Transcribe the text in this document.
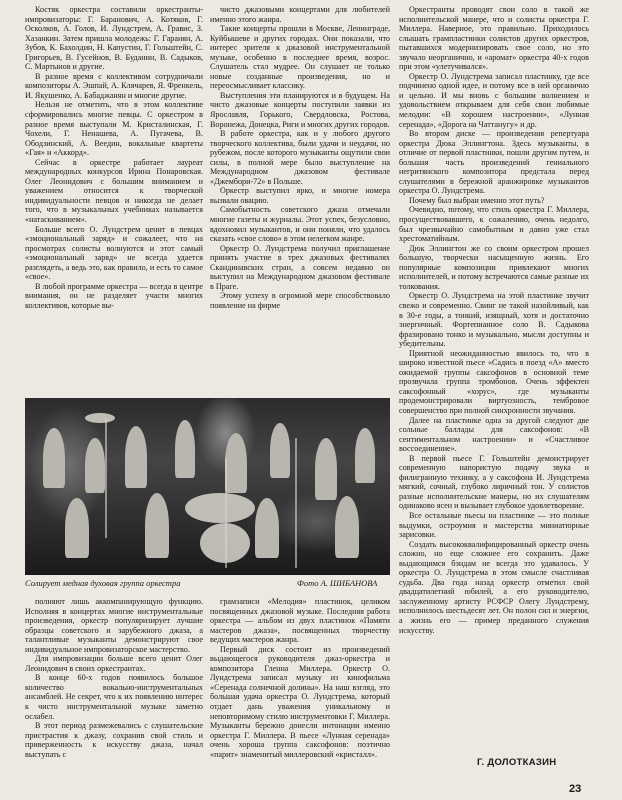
Костяк оркестра составили оркестранты-импровизаторы: Г. Баранович, А. Котяков, Г. Осколков, А. Голов, И. Лундстрем, А. Гравис, З. Хазанкин. Затем пришла молодежь: Г. Гаранян, А. Зубов, К. Бахолдин, Н. Капустин, Г. Гольштейн, С. Григорьев, В. Гусейнов, В. Буданин, В. Садыков, С. Мартынов и другие.

В разное время с коллективом сотрудничали композиторы А. Эшпай, А. Клячарев, Я. Френкель, И. Якушенко, А. Бабаджанян и многие другие.

Нельзя не отметить, что в этом коллективе сформировались многие певцы. С оркестром в разное время выступали М. Кристалинская, Г. Чохели, Г. Ненашева, А. Пугачева, В. Ободзинский, А. Веедин, вокальные квартеты «Гая» и «Аккорд».

Сейчас в оркестре работает лауреат международных конкурсов Ирина Понаровская. Олег Леонидович с большим вниманием и уважением относится к творческой индивидуальности певцов и никогда не делает того, что в музыкальных учебниках называется «натаскиванием».

Больше всего О. Лундстрем ценит в певцах «эмоциональный заряд» и сожалеет, что на просмотрах солисты волнуются и этот самый «эмоциональный заряд» не всегда удается разглядеть, а ведь это, как правило, и есть то самое «свое».

В любой программе оркестра — всегда в центре внимания, он не разделяет участи многих коллективов, которые вы-

чисто джазовыми концертами для любителей именно этого жанра.

Такие концерты прошли в Москве, Ленинграде, Куйбышеве и других городах. Они показали, что интерес зрителя к джазовой инструментальной музыке, особенно в последнее время, возрос. Слушатель стал мудрее. Он слушает не только новые созданные произведения, но и переосмысливает классику.

Выступления эти планируются и в будущем. На чисто джазовые концерты поступили заявки из Ярославля, Горького, Свердловска, Ростова, Воронежа, Донецка, Риги и многих других городов.

В работе оркестра, как и у любого другого творческого коллектива, были удачи и неудачи, но рубежом, после которого музыканты ощутили свои силы, в полной мере было выступление на Международном джазовом фестивале «Джембори-72» в Польше.

Оркестр выступил ярко, и многие номера вызвали овацию.

Самобытность советского джаза отмечали многие газеты и журналы. Этот успех, безусловно, вдохновил музыкантов, и они поняли, что удалось сказать «свое слово» в этом нелегком жанре.

Оркестр О. Лундстрема получил приглашение принять участие в трех джазовых фестивалях Скандинавских стран, а совсем недавно он выступил на Международном джазовом фестивале в Праге.

Этому успеху в огромной мере способствовало появление на фирме

Оркестранты проводят свои соло в такой же исполнительской манере, что и солисты оркестра Г. Миллера. Наверное, это правильно. Приходилось слышать грампластинки солистов других оркестров, пытавшихся модернизировать свое соло, но это звучало неорганично, и «аромат» оркестра 40-х годов при этом «улетучивался».

Оркестр О. Лундстрема записал пластинку, где все подчинено одной идее, и потому все в ней органично и цельно. И мы вновь с большим волнением и удовольствием открываем для себя свои любимые мелодии: «В хорошем настроении», «Лунная серенада», «Дорога на Чаттанугу» и др.

Во втором диске — произведения репертуара оркестра Дюка Эллингтона. Здесь музыканты, в отличие от первой пластинки, пошли другим путем, и большая часть произведений гениального негритянского композитора предстала перед слушателями в бережной аранжировке музыкантов оркестра О. Лундстрема.

Почему был выбран именно этот путь?

Очевидно, потому, что стиль оркестра Г. Миллера, просуществовавшего, к сожалению, очень недолго, был чрезвычайно самобытным и давно уже стал хрестоматийным.

Дюк Эллингтон же со своим оркестром прошел большую, творчески насыщенную жизнь. Его популярные композиции привлекают многих исполнителей, и потому встречаются самые разные их толкования.

Оркестр О. Лундстрема на этой пластинке звучит свежо и современно. Свинг не такой назойливый, как в 30-е годы, а тонкий, изящный, хотя и достаточно энергичный. Фортепианное соло В. Садыкова фразировано тонко и музыкально, мысли доступны и убедительны.

Приятной неожиданностью явилось то, что в широко известной пьесе «Садись в поезд «А» вместо ожидаемой группы саксофонов в основной теме прозвучала группа тромбонов. Очень эффектен саксофонный «хорус», где музыканты продемонстрировали виртуозность, тембровое совершенство при полной синхронности звучания.

Далее на пластинке одна за другой следуют две сольные баллады для саксофонов: «В сентиментальном настроении» и «Счастливое воссоединение».

В первой пьесе Г. Гольштейн демонстрирует современную напористую подачу звука и филигранную технику, а у саксофона И. Лундстрема мягкий, сочный, глубоко лиричный тон. У солистов разные исполнительские манеры, но их слушателям одинаково ясен и вызывает глубокое удовлетворение.

Все остальные пьесы на пластинке — это полные выдумки, остроумия и мастерства миниатюрные зарисовки.

Создать высококвалифицированный оркестр очень сложно, но еще сложнее его сохранить. Даже выдающимся бэндам не всегда это удавалось. У оркестра О. Лундстрема в этом смысле счастливая судьба. Два года назад оркестр отметил свой двадцатилетний юбилей, а его руководителю, заслуженному артисту РСФСР Олегу Лундстрему, исполнилось шестьдесят лет. Он полон сил и энергии, а жизнь его — пример преданного служения искусству.

Солирует медная духовая группа оркестра	Фото А. ШИБАНОВА

полняют лишь аккомпанирующую функцию. Исполняя в концертах многие инструментальные произведения, оркестр популяризирует лучшие образцы советского и зарубежного джаза, а талантливые музыканты демонстрируют свое индивидуальное импровизаторское мастерство.

Для импровизации больше всего ценит Олег Леонидович в своих оркестрантах.

В конце 60-х годов появилось большое количество вокально-инструментальных ансамблей. Не секрет, что к их появлению интерес к чисто инструментальной музыке заметно ослабел.

В этот период размежевались с слушательские пристрастия к джазу, сохранив свой стиль и приверженность к искусству джаза, начал выступать с

грамзаписи «Мелодия» пластинок, целиком посвященных джазовой музыке. Последняя работа оркестра — альбом из двух пластинок «Памяти мастеров джаза», посвященных творчеству ведущих мастеров жанра.

Первый диск состоит из произведений выдающегося руководителя джаз-оркестра и композитора Гленна Миллера. Оркестр О. Лундстрема записал музыку из кинофильма «Серенада солнечной долины». На наш взгляд, это большая удача оркестра О. Лундстрема, который отдает дань уважения уникальному и неповторимому стилю инструментовки Г. Миллера. Музыканты бережно донесли интонации именно оркестра Г. Миллера. В пьесе «Лунная серенада» очень хороша группа саксофонов: поэтично «парит» знаменитый миллеровский «кристалл».

Г. ДОЛОТКАЗИН
23
